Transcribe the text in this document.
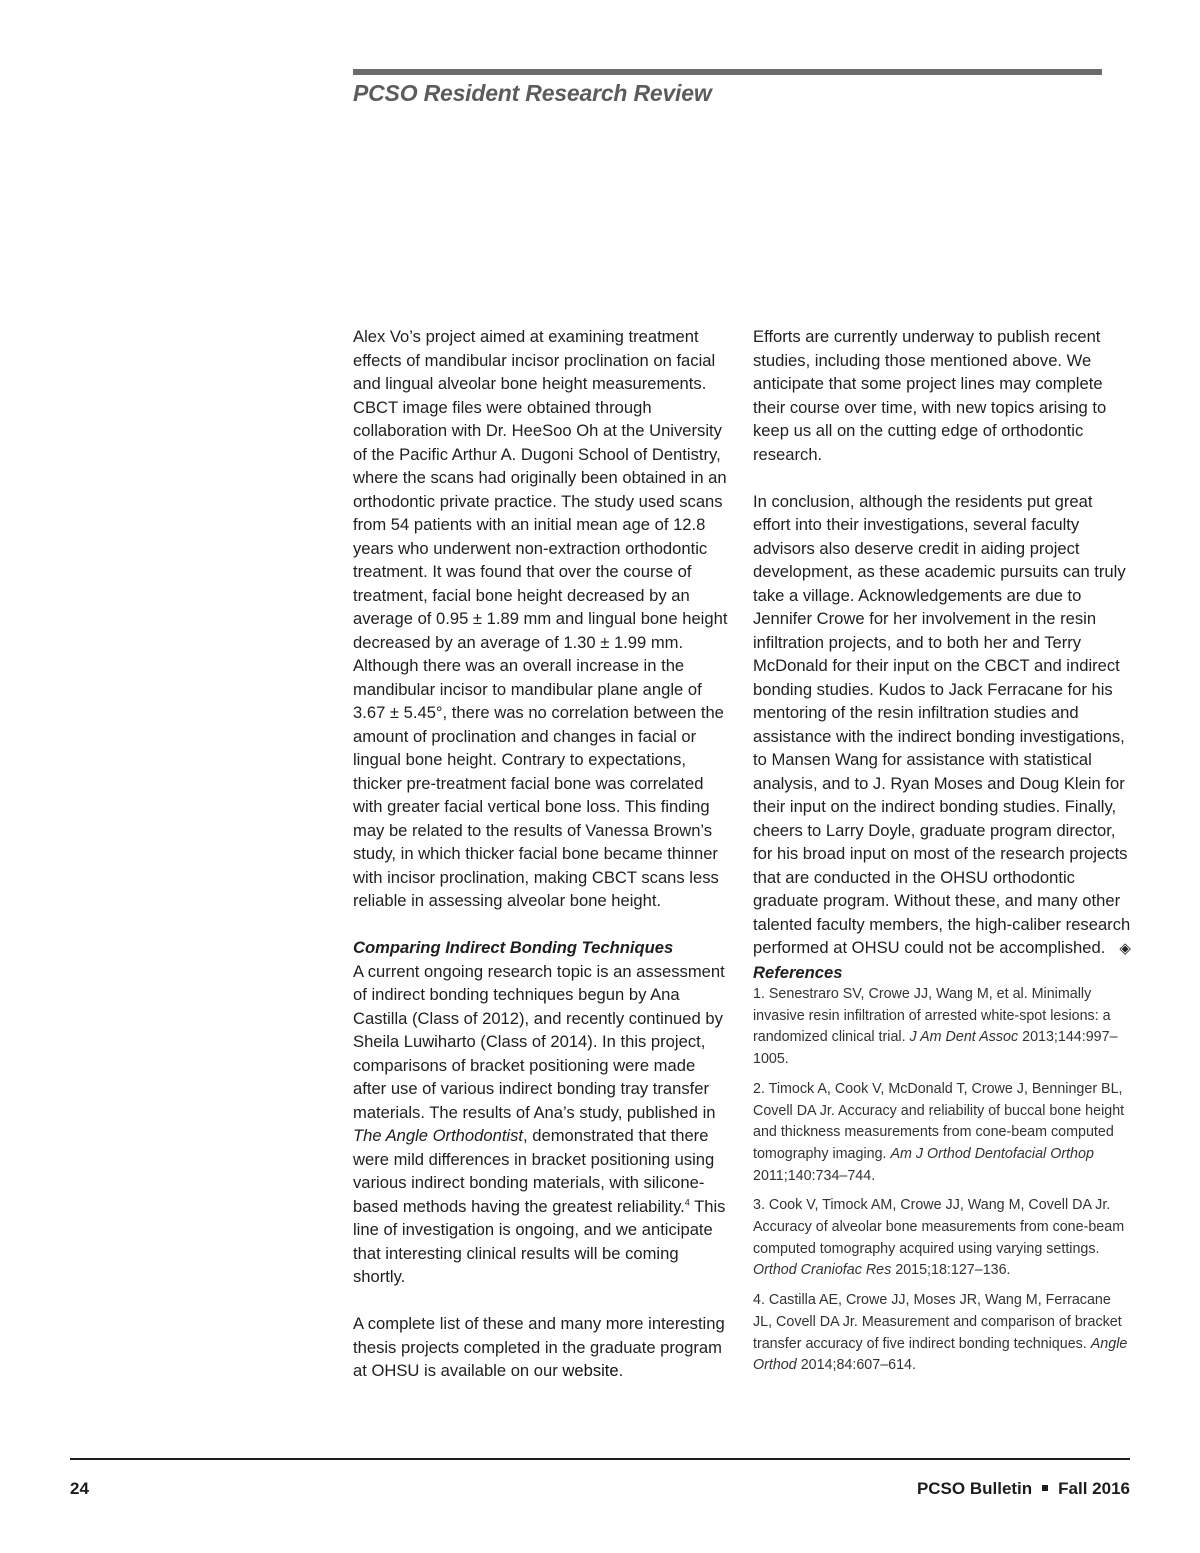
PCSO Resident Research Review

Alex Vo’s project aimed at examining treatment effects of mandibular incisor proclination on facial and lingual alveolar bone height measurements. CBCT image files were obtained through collaboration with Dr. HeeSoo Oh at the University of the Pacific Arthur A. Dugoni School of Dentistry, where the scans had originally been obtained in an orthodontic private practice. The study used scans from 54 patients with an initial mean age of 12.8 years who underwent non-extraction orthodontic treatment. It was found that over the course of treatment, facial bone height decreased by an average of 0.95 ± 1.89 mm and lingual bone height decreased by an average of 1.30 ± 1.99 mm. Although there was an overall increase in the mandibular incisor to mandibular plane angle of 3.67 ± 5.45°, there was no correlation between the amount of proclination and changes in facial or lingual bone height. Contrary to expectations, thicker pre-treatment facial bone was correlated with greater facial vertical bone loss. This finding may be related to the results of Vanessa Brown’s study, in which thicker facial bone became thinner with incisor proclination, making CBCT scans less reliable in assessing alveolar bone height.

Comparing Indirect Bonding Techniques

A current ongoing research topic is an assessment of indirect bonding techniques begun by Ana Castilla (Class of 2012), and recently continued by Sheila Luwiharto (Class of 2014). In this project, comparisons of bracket positioning were made after use of various indirect bonding tray transfer materials. The results of Ana’s study, published in The Angle Orthodontist, demonstrated that there were mild differences in bracket positioning using various indirect bonding materials, with silicone-based methods having the greatest reliability.$^4$ This line of investigation is ongoing, and we anticipate that interesting clinical results will be coming shortly.

A complete list of these and many more interesting thesis projects completed in the graduate program at OHSU is available on our website.

Efforts are currently underway to publish recent studies, including those mentioned above. We anticipate that some project lines may complete their course over time, with new topics arising to keep us all on the cutting edge of orthodontic research.

In conclusion, although the residents put great effort into their investigations, several faculty advisors also deserve credit in aiding project development, as these academic pursuits can truly take a village. Acknowledgements are due to Jennifer Crowe for her involvement in the resin infiltration projects, and to both her and Terry McDonald for their input on the CBCT and indirect bonding studies. Kudos to Jack Ferracane for his mentoring of the resin infiltration studies and assistance with the indirect bonding investigations, to Mansen Wang for assistance with statistical analysis, and to J. Ryan Moses and Doug Klein for their input on the indirect bonding studies. Finally, cheers to Larry Doyle, graduate program director, for his broad input on most of the research projects that are conducted in the OHSU orthodontic graduate program. Without these, and many other talented faculty members, the high-caliber research performed at OHSU could not be accomplished. ◈

References

1. Senestraro SV, Crowe JJ, Wang M, et al. Minimally invasive resin infiltration of arrested white-spot lesions: a randomized clinical trial. J Am Dent Assoc 2013;144:997–1005.

2. Timock A, Cook V, McDonald T, Crowe J, Benninger BL, Covell DA Jr. Accuracy and reliability of buccal bone height and thickness measurements from cone-beam computed tomography imaging. Am J Orthod Dentofacial Orthop 2011;140:734–744.

3. Cook V, Timock AM, Crowe JJ, Wang M, Covell DA Jr. Accuracy of alveolar bone measurements from cone-beam computed tomography acquired using varying settings. Orthod Craniofac Res 2015;18:127–136.

4. Castilla AE, Crowe JJ, Moses JR, Wang M, Ferracane JL, Covell DA Jr. Measurement and comparison of bracket transfer accuracy of five indirect bonding techniques. Angle Orthod 2014;84:607–614.

24	PCSO Bulletin Fall 2016
